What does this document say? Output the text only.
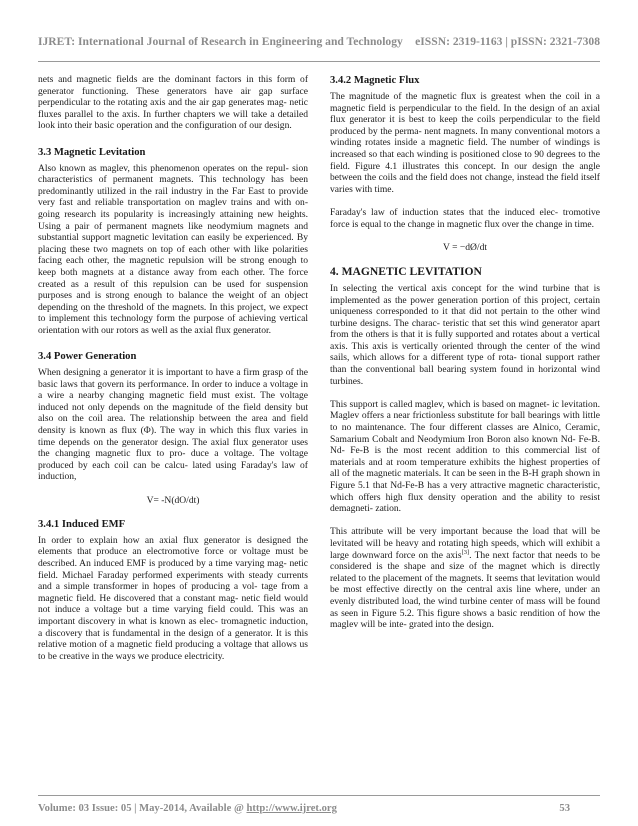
IJRET: International Journal of Research in Engineering and Technology eISSN: 2319-1163 | pISSN: 2321-7308

nets and magnetic fields are the dominant factors in this form of generator functioning. These generators have air gap surface perpendicular to the rotating axis and the air gap generates mag- netic fluxes parallel to the axis. In further chapters we will take a detailed look into their basic operation and the configuration of our design.

3.3 Magnetic Levitation

Also known as maglev, this phenomenon operates on the repul- sion characteristics of permanent magnets. This technology has been predominantly utilized in the rail industry in the Far East to provide very fast and reliable transportation on maglev trains and with on-going research its popularity is increasingly attaining new heights. Using a pair of permanent magnets like neodymium magnets and substantial support magnetic levitation can easily be experienced. By placing these two magnets on top of each other with like polarities facing each other, the magnetic repulsion will be strong enough to keep both magnets at a distance away from each other. The force created as a result of this repulsion can be used for suspension purposes and is strong enough to balance the weight of an object depending on the threshold of the magnets. In this project, we expect to implement this technology form the purpose of achieving vertical orientation with our rotors as well as the axial flux generator.

3.4 Power Generation

When designing a generator it is important to have a firm grasp of the basic laws that govern its performance. In order to induce a voltage in a wire a nearby changing magnetic field must exist. The voltage induced not only depends on the magnitude of the field density but also on the coil area. The relationship between the area and field density is known as flux (Φ). The way in which this flux varies in time depends on the generator design. The axial flux generator uses the changing magnetic flux to pro- duce a voltage. The voltage produced by each coil can be calcu- lated using Faraday's law of induction,

V= -N(dO/dt)

3.4.1 Induced EMF

In order to explain how an axial flux generator is designed the elements that produce an electromotive force or voltage must be described. An induced EMF is produced by a time varying mag- netic field. Michael Faraday performed experiments with steady currents and a simple transformer in hopes of producing a vol- tage from a magnetic field. He discovered that a constant mag- netic field would not induce a voltage but a time varying field could. This was an important discovery in what is known as elec- tromagnetic induction, a discovery that is fundamental in the design of a generator. It is this relative motion of a magnetic field producing a voltage that allows us to be creative in the ways we produce electricity.

3.4.2 Magnetic Flux

The magnitude of the magnetic flux is greatest when the coil in a magnetic field is perpendicular to the field. In the design of an axial flux generator it is best to keep the coils perpendicular to the field produced by the perma- nent magnets. In many conventional motors a winding rotates inside a magnetic field. The number of windings is increased so that each winding is positioned close to 90 degrees to the field. Figure 4.1 illustrates this concept. In our design the angle between the coils and the field does not change, instead the field itself varies with time.

Faraday's law of induction states that the induced elec- tromotive force is equal to the change in magnetic flux over the change in time.

V = −dØ/dt

4. MAGNETIC LEVITATION

In selecting the vertical axis concept for the wind turbine that is implemented as the power generation portion of this project, certain uniqueness corresponded to it that did not pertain to the other wind turbine designs. The charac- teristic that set this wind generator apart from the others is that it is fully supported and rotates about a vertical axis. This axis is vertically oriented through the center of the wind sails, which allows for a different type of rota- tional support rather than the conventional ball bearing system found in horizontal wind turbines.

This support is called maglev, which is based on magnet- ic levitation. Maglev offers a near frictionless substitute for ball bearings with little to no maintenance. The four different classes are Alnico, Ceramic, Samarium Cobalt and Neodymium Iron Boron also known Nd- Fe-B. Nd- Fe-B is the most recent addition to this commercial list of materials and at room temperature exhibits the highest properties of all of the magnetic materials. It can be seen in the B-H graph shown in Figure 5.1 that Nd-Fe-B has a very attractive magnetic characteristic, which offers high flux density operation and the ability to resist demagneti- zation.

This attribute will be very important because the load that will be levitated will be heavy and rotating high speeds, which will exhibit a large downward force on the axis[3]. The next factor that needs to be considered is the shape and size of the magnet which is directly related to the placement of the magnets. It seems that levitation would be most effective directly on the central axis line where, under an evenly distributed load, the wind turbine center of mass will be found as seen in Figure 5.2. This figure shows a basic rendition of how the maglev will be inte- grated into the design.

Volume: 03 Issue: 05 | May-2014, Available @ http://www.ijret.org	53
